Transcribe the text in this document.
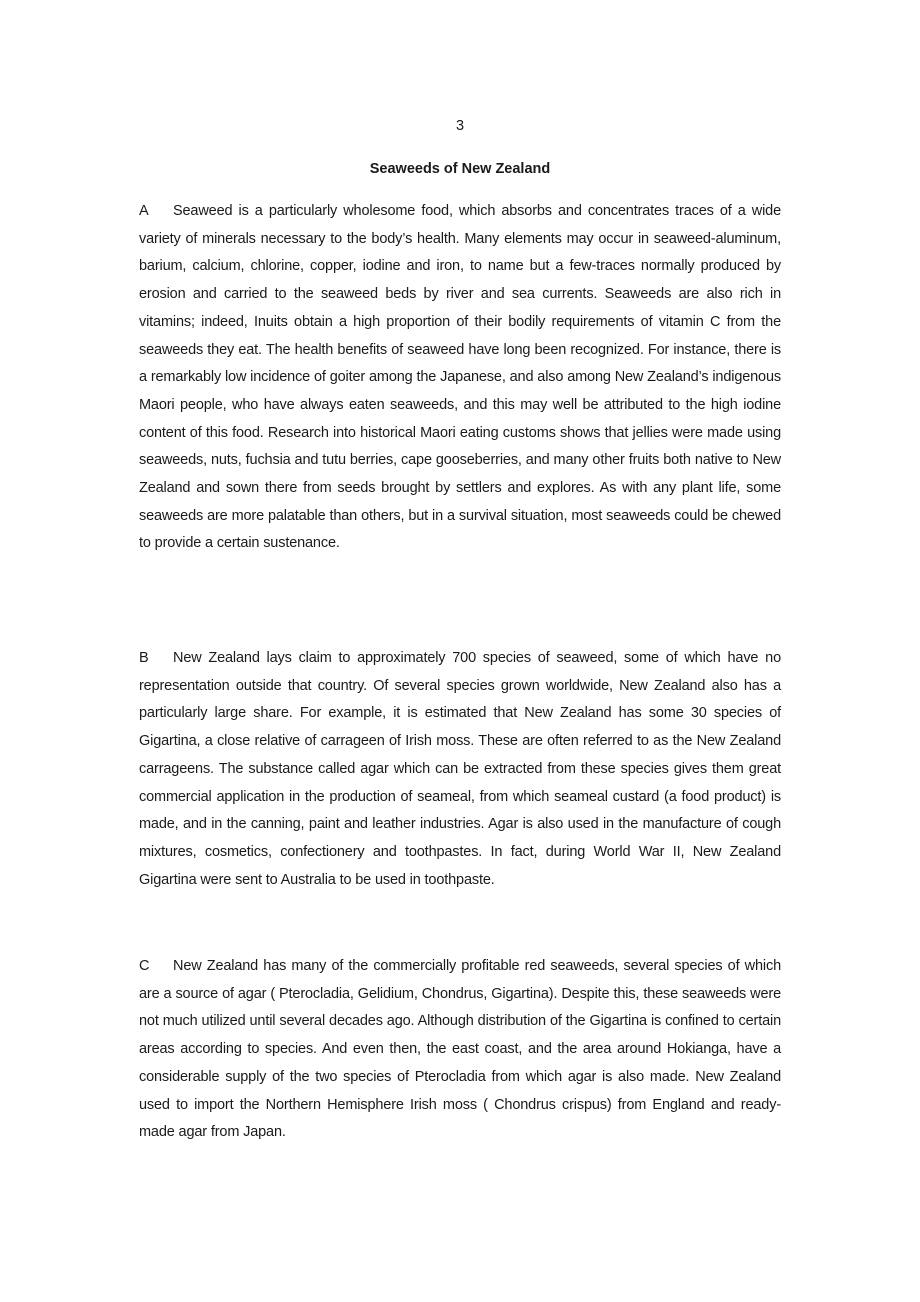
3
Seaweeds of New Zealand

A Seaweed is a particularly wholesome food, which absorbs and concentrates traces of a wide variety of minerals necessary to the body’s health. Many elements may occur in seaweed-aluminum, barium, calcium, chlorine, copper, iodine and iron, to name but a few-traces normally produced by erosion and carried to the seaweed beds by river and sea currents. Seaweeds are also rich in vitamins; indeed, Inuits obtain a high proportion of their bodily requirements of vitamin C from the seaweeds they eat. The health benefits of seaweed have long been recognized. For instance, there is a remarkably low incidence of goiter among the Japanese, and also among New Zealand’s indigenous Maori people, who have always eaten seaweeds, and this may well be attributed to the high iodine content of this food. Research into historical Maori eating customs shows that jellies were made using seaweeds, nuts, fuchsia and tutu berries, cape gooseberries, and many other fruits both native to New Zealand and sown there from seeds brought by settlers and explores. As with any plant life, some seaweeds are more palatable than others, but in a survival situation, most seaweeds could be chewed to provide a certain sustenance.

B New Zealand lays claim to approximately 700 species of seaweed, some of which have no representation outside that country. Of several species grown worldwide, New Zealand also has a particularly large share. For example, it is estimated that New Zealand has some 30 species of Gigartina, a close relative of carrageen of Irish moss. These are often referred to as the New Zealand carrageens. The substance called agar which can be extracted from these species gives them great commercial application in the production of seameal, from which seameal custard (a food product) is made, and in the canning, paint and leather industries. Agar is also used in the manufacture of cough mixtures, cosmetics, confectionery and toothpastes. In fact, during World War II, New Zealand Gigartina were sent to Australia to be used in toothpaste.

C New Zealand has many of the commercially profitable red seaweeds, several species of which are a source of agar ( Pterocladia, Gelidium, Chondrus, Gigartina). Despite this, these seaweeds were not much utilized until several decades ago. Although distribution of the Gigartina is confined to certain areas according to species. And even then, the east coast, and the area around Hokianga, have a considerable supply of the two species of Pterocladia from which agar is also made. New Zealand used to import the Northern Hemisphere Irish moss ( Chondrus crispus) from England and ready-made agar from Japan.
